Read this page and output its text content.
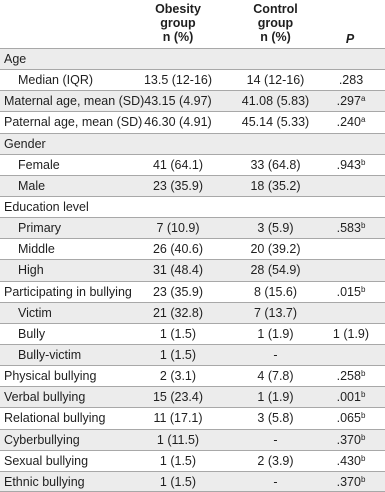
Obesity
group
n (%)
Control
group
n (%)	P
Age
Median (IQR)	13.5 (12-16)	14 (12-16)	.283
Maternal age, mean (SD) 43.15 (4.97)	41.08 (5.83)	.297$^a$
Paternal age, mean (SD) 46.30 (4.91)	45.14 (5.33)	.240$^a$
Gender
Female	41 (64.1)	33 (64.8)	.943$^b$
Male	23 (35.9)	18 (35.2)
Education level
Primary	7 (10.9)	3 (5.9)	.583$^b$
Middle	26 (40.6)	20 (39.2)
High	31 (48.4)	28 (54.9)
Participating in bullying	23 (35.9)	8 (15.6)	.015$^b$
Victim	21 (32.8)	7 (13.7)
Bully	1 (1.5)	1 (1.9)	1 (1.9)
Bully-victim	1 (1.5)	-
Physical bullying	2 (3.1)	4 (7.8)	.258$^b$
Verbal bullying	15 (23.4)	1 (1.9)	.001$^b$
Relational bullying	11 (17.1)	3 (5.8)	.065$^b$
Cyberbullying	1 (11.5)	-	.370$^b$
Sexual bullying	1 (1.5)	2 (3.9)	.430$^b$
Ethnic bullying	1 (1.5)	-	.370$^b$
